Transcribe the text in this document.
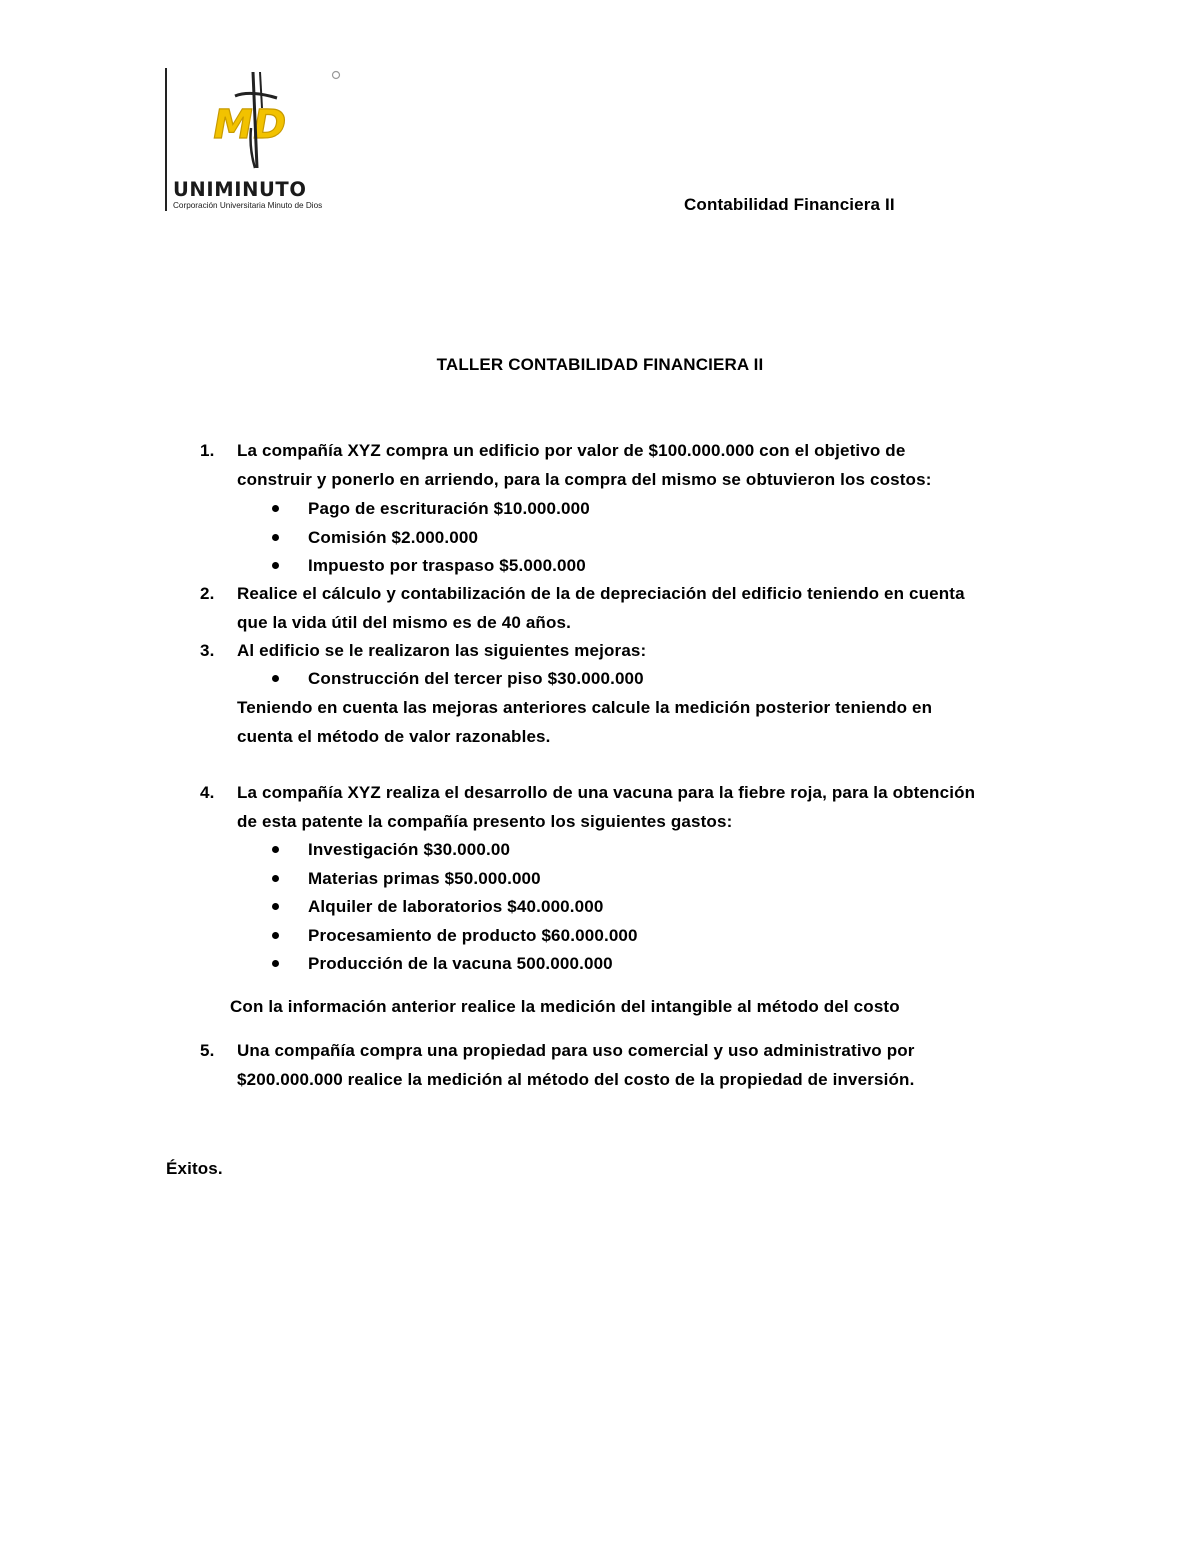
MD
UNIMINUTO
Corporación Universitaria Minuto de Dios	Contabilidad Financiera II
TALLER CONTABILIDAD FINANCIERA II
1.	La compañía XYZ compra un edificio por valor de $100.000.000 con el objetivo de
construir y ponerlo en arriendo, para la compra del mismo se obtuvieron los costos:
Pago de escrituración $10.000.000
Comisión $2.000.000
Impuesto por traspaso $5.000.000
2.	Realice el cálculo y contabilización de la de depreciación del edificio teniendo en cuenta
que la vida útil del mismo es de 40 años.
3.	Al edificio se le realizaron las siguientes mejoras:
Construcción del tercer piso $30.000.000
Teniendo en cuenta las mejoras anteriores calcule la medición posterior teniendo en
cuenta el método de valor razonables.
4.	La compañía XYZ realiza el desarrollo de una vacuna para la fiebre roja, para la obtención
de esta patente la compañía presento los siguientes gastos:
Investigación $30.000.00
Materias primas $50.000.000
Alquiler de laboratorios $40.000.000
Procesamiento de producto $60.000.000
Producción de la vacuna 500.000.000
Con la información anterior realice la medición del intangible al método del costo
5.	Una compañía compra una propiedad para uso comercial y uso administrativo por
$200.000.000 realice la medición al método del costo de la propiedad de inversión.
Éxitos.
